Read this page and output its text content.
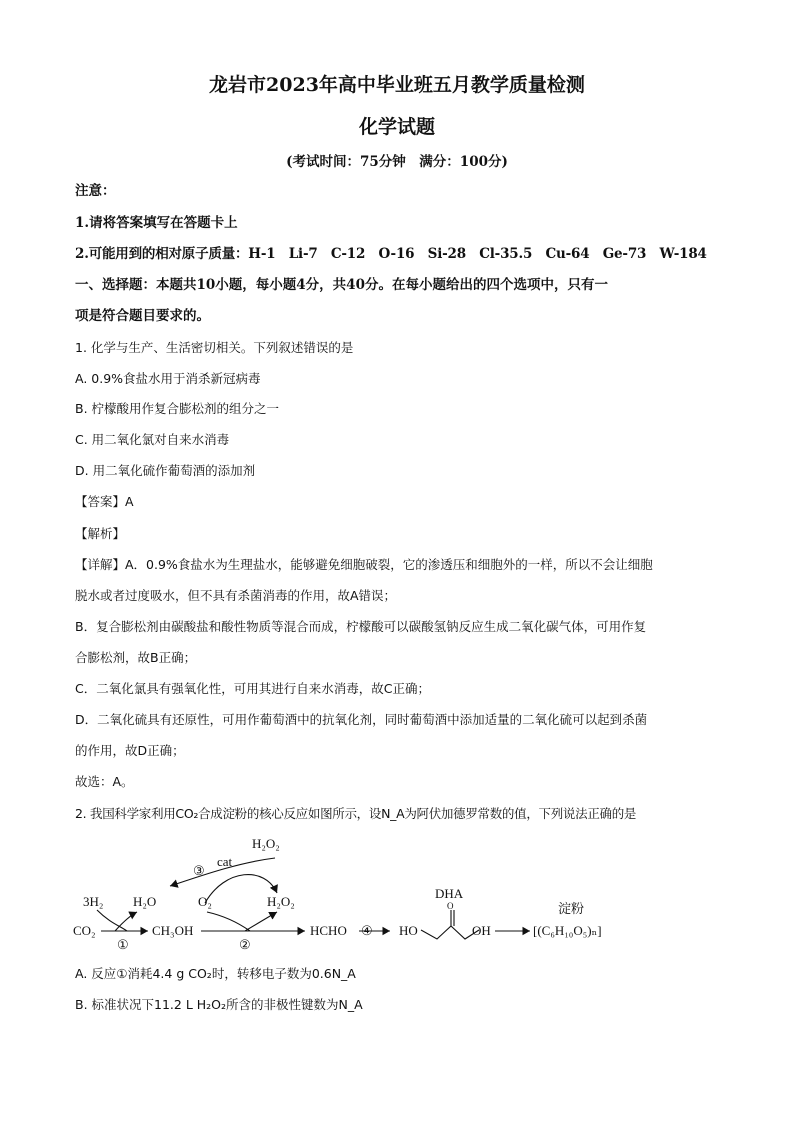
龙岩市2023年高中毕业班五月教学质量检测
化学试题
(考试时间：75分钟　满分：100分)
注意：
1.请将答案填写在答题卡上
2.可能用到的相对原子质量：H-1　Li-7　C-12　O-16　Si-28　Cl-35.5　Cu-64　Ge-73　W-184
一、选择题：本题共10小题，每小题4分，共40分。在每小题给出的四个选项中，只有一
项是符合题目要求的。
1. 化学与生产、生活密切相关。下列叙述错误的是
A. 0.9%食盐水用于消杀新冠病毒
B. 柠檬酸用作复合膨松剂的组分之一
C. 用二氧化氯对自来水消毒
D. 用二氧化硫作葡萄酒的添加剂
【答案】A
【解析】
【详解】A．0.9%食盐水为生理盐水，能够避免细胞破裂，它的渗透压和细胞外的一样，所以不会让细胞
脱水或者过度吸水，但不具有杀菌消毒的作用，故A错误；
B．复合膨松剂由碳酸盐和酸性物质等混合而成，柠檬酸可以碳酸氢钠反应生成二氧化碳气体，可用作复
合膨松剂，故B正确；
C．二氧化氯具有强氧化性，可用其进行自来水消毒，故C正确；
D．二氧化硫具有还原性，可用作葡萄酒中的抗氧化剂，同时葡萄酒中添加适量的二氧化硫可以起到杀菌
的作用，故D正确；
故选：A。
2. 我国科学家利用CO₂合成淀粉的核心反应如图所示，设N_A为阿伏加德罗常数的值，下列说法正确的是
H₂O₂
cat
③
3H₂ H₂O	O₂	H₂O₂
DHA
淀粉
CO₂
①
CH₃OH
②
HCHO ④ HO
O
OH	[(C₆H₁₀O₅)ₙ]
A. 反应①消耗4.4 g CO₂时，转移电子数为0.6N_A
B. 标准状况下11.2 L H₂O₂所含的非极性键数为N_A
